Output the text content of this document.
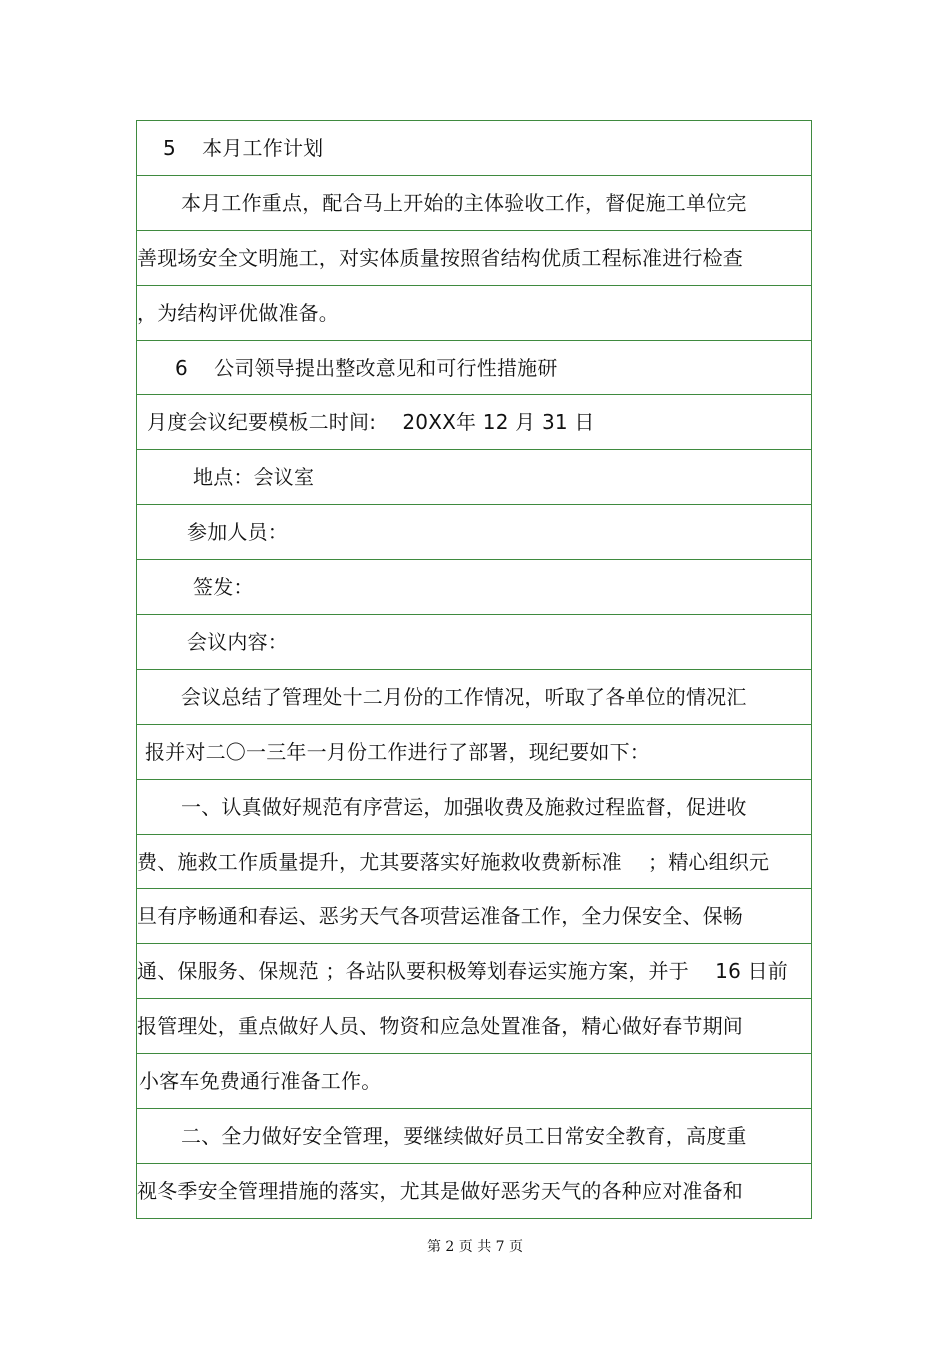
5    本月工作计划
本月工作重点，配合马上开始的主体验收工作，督促施工单位完
善现场安全文明施工，对实体质量按照省结构优质工程标准进行检查
，为结构评优做准备。
6    公司领导提出整改意见和可行性措施研
月度会议纪要模板二时间:    20XX年 12 月 31 日
地点：会议室
参加人员：
签发：
会议内容：
会议总结了管理处十二月份的工作情况，听取了各单位的情况汇
报并对二〇一三年一月份工作进行了部署，现纪要如下：
一、认真做好规范有序营运，加强收费及施救过程监督，促进收
费、施救工作质量提升，尤其要落实好施救收费新标准    ；精心组织元
旦有序畅通和春运、恶劣天气各项营运准备工作，全力保安全、保畅
通、保服务、保规范 ；各站队要积极筹划春运实施方案，并于    16 日前
报管理处，重点做好人员、物资和应急处置准备，精心做好春节期间
小客车免费通行准备工作。
二、全力做好安全管理，要继续做好员工日常安全教育，高度重
视冬季安全管理措施的落实，尤其是做好恶劣天气的各种应对准备和
第 2 页 共 7 页
